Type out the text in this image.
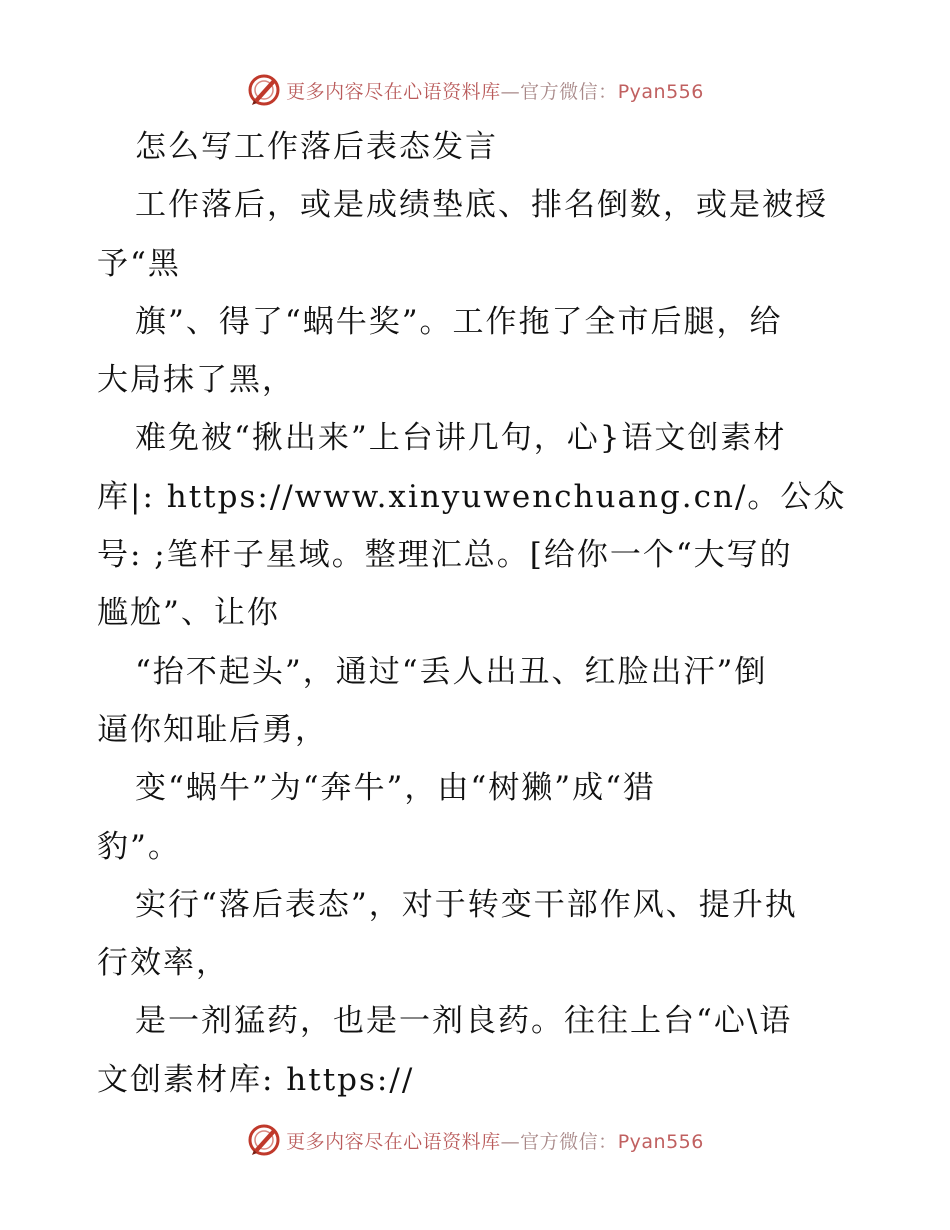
更多内容尽在心语资料库—官方微信：Pyan556
怎么写工作落后表态发言
工作落后，或是成绩垫底、排名倒数，或是被授
予“黑
旗”、得了“蜗牛奖”。工作拖了全市后腿，给
大局抹了黑，
难免被“揪出来”上台讲几句，心}语文创素材
库|: https://www.xinyuwenchuang.cn/。公众
号: ;笔杆子星域。整理汇总。[给你一个“大写的
尴尬”、让你
“抬不起头”，通过“丢人出丑、红脸出汗”倒
逼你知耻后勇，
变“蜗牛”为“奔牛”，由“树獭”成“猎
豹”。
实行“落后表态”，对于转变干部作风、提升执
行效率，
是一剂猛药，也是一剂良药。往往上台“心\语
文创素材库: https://
更多内容尽在心语资料库—官方微信：Pyan556
